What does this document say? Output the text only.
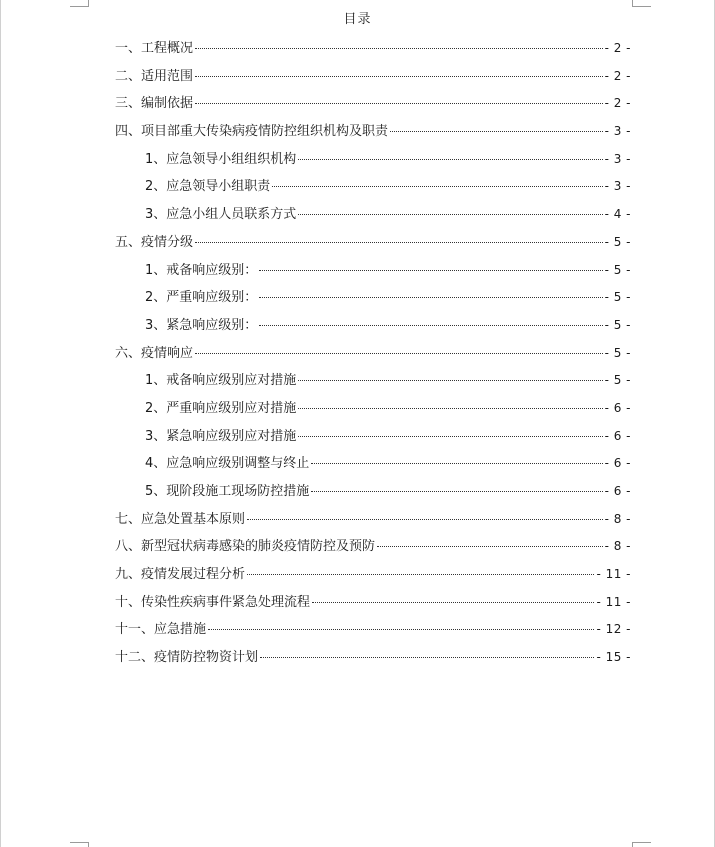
目录
一、工程概况	- 2 -
二、适用范围	- 2 -
三、编制依据	- 2 -
四、项目部重大传染病疫情防控组织机构及职责	- 3 -
1、应急领导小组组织机构	- 3 -
2、应急领导小组职责	- 3 -
3、应急小组人员联系方式	- 4 -
五、疫情分级	- 5 -
1、戒备响应级别：	- 5 -
2、严重响应级别：	- 5 -
3、紧急响应级别：	- 5 -
六、疫情响应	- 5 -
1、戒备响应级别应对措施	- 5 -
2、严重响应级别应对措施	- 6 -
3、紧急响应级别应对措施	- 6 -
4、应急响应级别调整与终止	- 6 -
5、现阶段施工现场防控措施	- 6 -
七、应急处置基本原则	- 8 -
八、新型冠状病毒感染的肺炎疫情防控及预防	- 8 -
九、疫情发展过程分析	- 11 -
十、传染性疾病事件紧急处理流程	- 11 -
十一、应急措施	- 12 -
十二、疫情防控物资计划	- 15 -
